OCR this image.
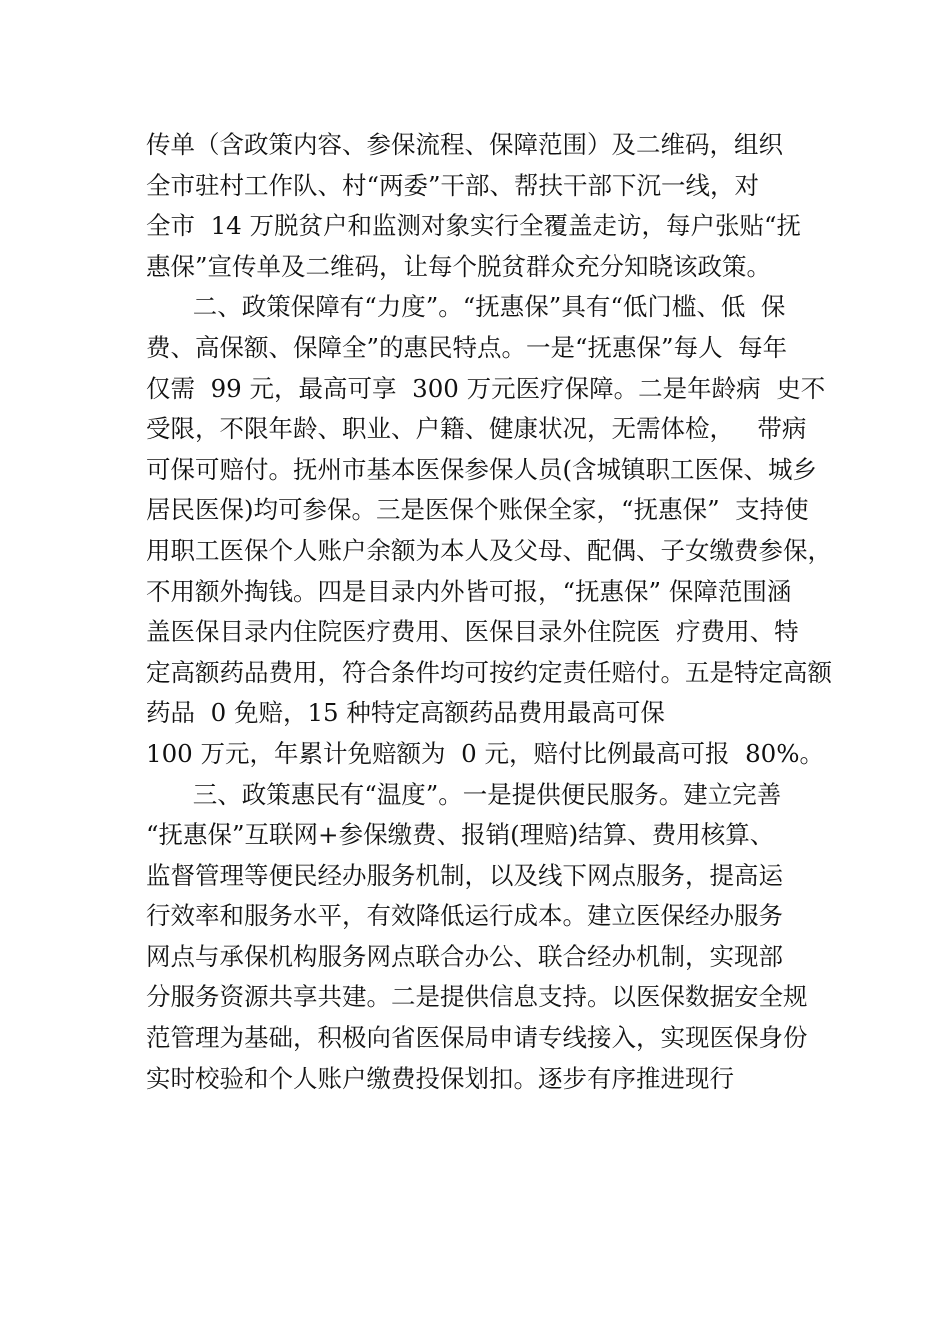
传单（含政策内容、参保流程、保障范围）及二维码，组织
全市驻村工作队、村“两委”干部、帮扶干部下沉一线，对
全市  14 万脱贫户和监测对象实行全覆盖走访，每户张贴“抚
惠保”宣传单及二维码，让每个脱贫群众充分知晓该政策。
二、政策保障有“力度”。“抚惠保”具有“低门槛、低  保
费、高保额、保障全”的惠民特点。一是“抚惠保”每人  每年
仅需  99 元，最高可享  300 万元医疗保障。二是年龄病  史不
受限，不限年龄、职业、户籍、健康状况，无需体检，   带病
可保可赔付。抚州市基本医保参保人员(含城镇职工医保、城乡
居民医保)均可参保。三是医保个账保全家，“抚惠保”  支持使
用职工医保个人账户余额为本人及父母、配偶、子女缴费参保，
不用额外掏钱。四是目录内外皆可报，“抚惠保” 保障范围涵
盖医保目录内住院医疗费用、医保目录外住院医  疗费用、特
定高额药品费用，符合条件均可按约定责任赔付。五是特定高额
药品  0 免赔，15 种特定高额药品费用最高可保
100 万元，年累计免赔额为  0 元，赔付比例最高可报  80%。
三、政策惠民有“温度”。一是提供便民服务。建立完善
“抚惠保”互联网+参保缴费、报销(理赔)结算、费用核算、
监督管理等便民经办服务机制，以及线下网点服务，提高运
行效率和服务水平，有效降低运行成本。建立医保经办服务
网点与承保机构服务网点联合办公、联合经办机制，实现部
分服务资源共享共建。二是提供信息支持。以医保数据安全规
范管理为基础，积极向省医保局申请专线接入，实现医保身份
实时校验和个人账户缴费投保划扣。逐步有序推进现行
